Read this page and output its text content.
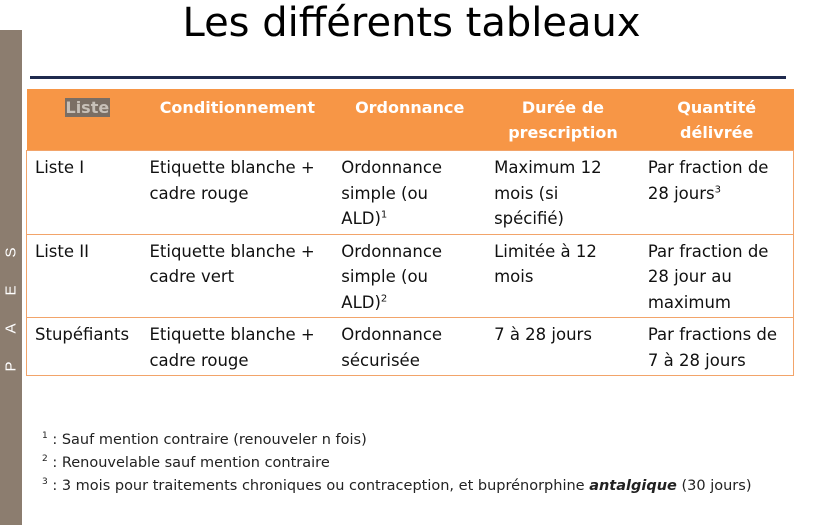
S
E
A
P
Les différents tableaux
Liste	Conditionnement	Ordonnance	Durée de prescription	Quantité délivrée
Liste I	Etiquette blanche + cadre rouge	Ordonnance simple (ou ALD)$^1$	Maximum 12 mois (si spécifié)	Par fraction de 28 jours$^3$
Liste II	Etiquette blanche + cadre vert	Ordonnance simple (ou ALD)$^2$	Limitée à 12 mois	Par fraction de 28 jour au maximum
Stupéfiants	Etiquette blanche + cadre rouge	Ordonnance sécurisée	7 à 28 jours	Par fractions de 7 à 28 jours
$^1$ : Sauf mention contraire (renouveler n fois)
$^2$ : Renouvelable sauf mention contraire
$^3$ : 3 mois pour traitements chroniques ou contraception, et buprénorphine antalgique (30 jours)
